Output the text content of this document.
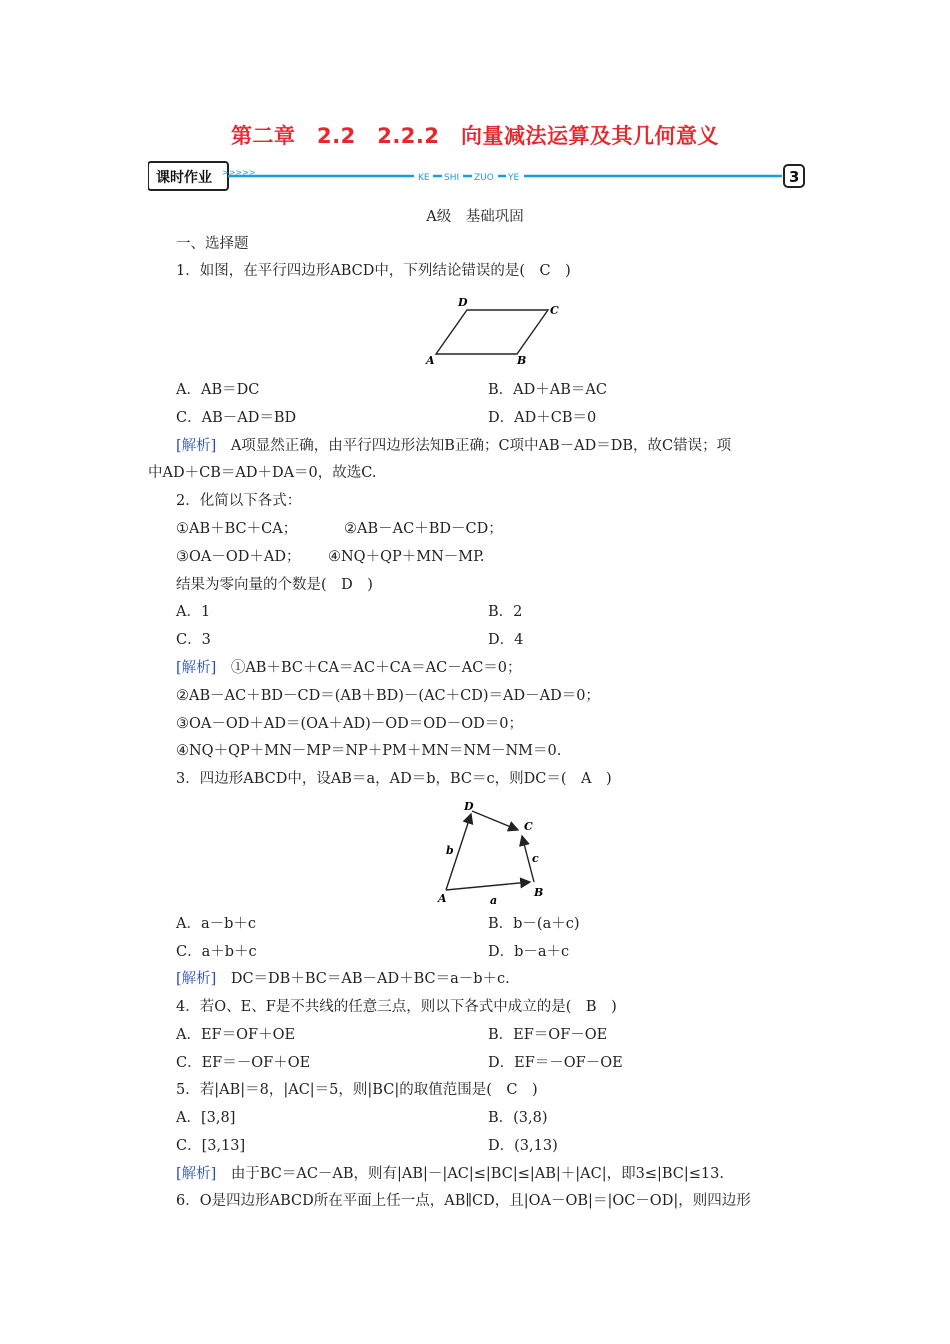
第二章　2.2　2.2.2　向量减法运算及其几何意义
课时作业 >>>>>
KE SHI ZUO YE	3
A级　基础巩固
一、选择题
1．如图，在平行四边形ABCD中，下列结论错误的是(　C　)
A	B
C
D
A．AB＝DC	B．AD＋AB＝AC
C．AB－AD＝BD	D．AD＋CB＝0
[解析]　A项显然正确，由平行四边形法知B正确；C项中AB－AD＝DB，故C错误；项
中AD＋CB＝AD＋DA＝0，故选C.
2．化简以下各式：
①AB＋BC＋CA；	②AB－AC＋BD－CD；
③OA－OD＋AD； ④NQ＋QP＋MN－MP.
结果为零向量的个数是(　D　)
A．1	B．2
C．3	D．4
[解析]　①AB＋BC＋CA＝AC＋CA＝AC－AC＝0；
②AB－AC＋BD－CD＝(AB＋BD)－(AC＋CD)＝AD－AD＝0；
③OA－OD＋AD＝(OA＋AD)－OD＝OD－OD＝0；
④NQ＋QP＋MN－MP＝NP＋PM＋MN＝NM－NM＝0.
3．四边形ABCD中，设AB＝a，AD＝b，BC＝c，则DC＝(　A　)
A	B
C
D
a
b
c
A．a－b＋c	B．b－(a＋c)
C．a＋b＋c	D．b－a＋c
[解析]　DC＝DB＋BC＝AB－AD＋BC＝a－b＋c.
4．若O、E、F是不共线的任意三点，则以下各式中成立的是(　B　)
A．EF＝OF＋OE	B．EF＝OF－OE
C．EF＝－OF＋OE	D．EF＝－OF－OE
5．若|AB|＝8，|AC|＝5，则|BC|的取值范围是(　C　)
A．[3,8]	B．(3,8)
C．[3,13]	D．(3,13)
[解析]　由于BC＝AC－AB，则有|AB|－|AC|≤|BC|≤|AB|＋|AC|，即3≤|BC|≤13.
6．O是四边形ABCD所在平面上任一点，AB∥CD，且|OA－OB|＝|OC－OD|，则四边形
